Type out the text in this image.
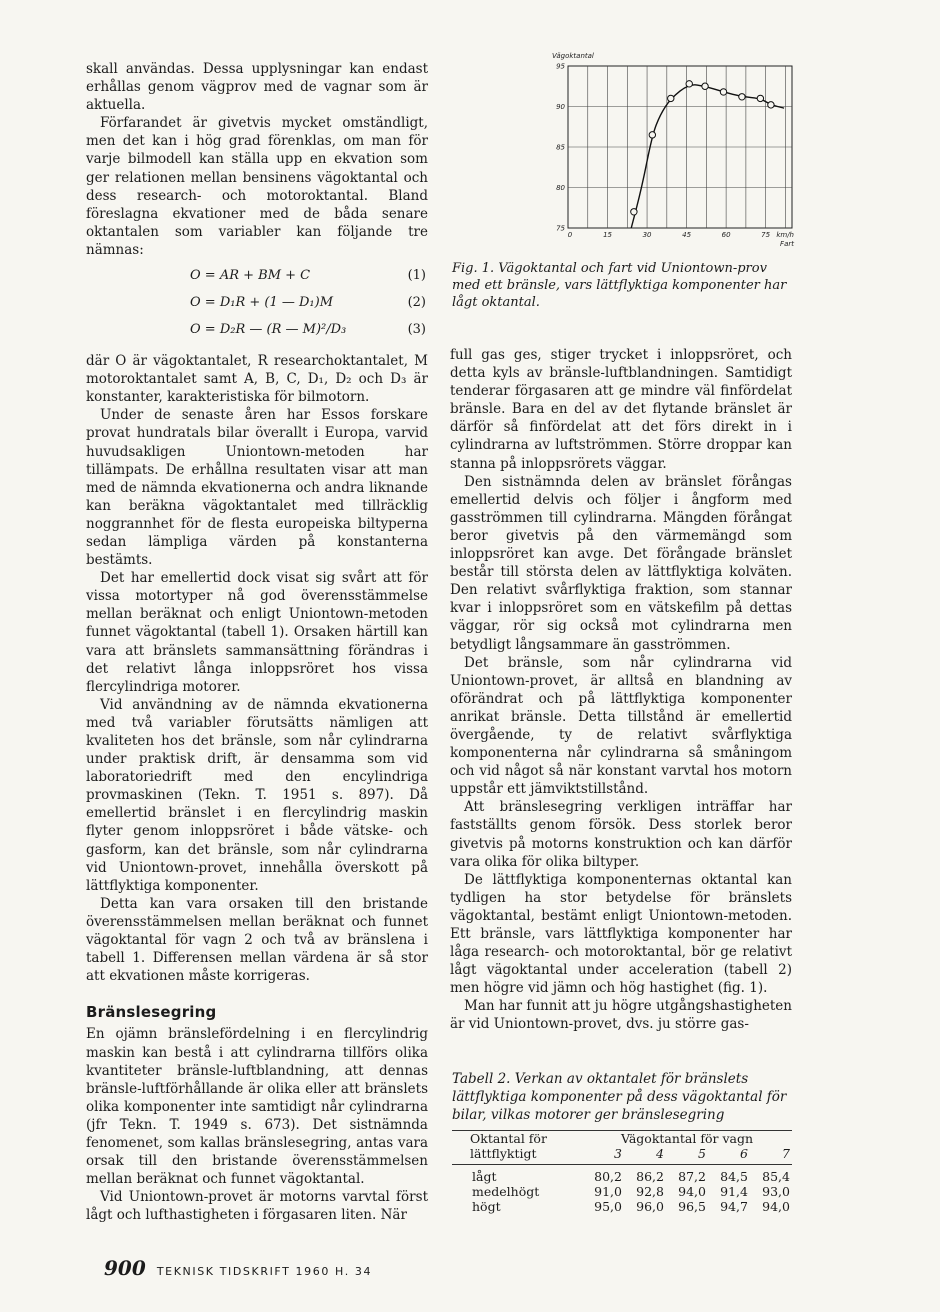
skall användas. Dessa upplysningar kan endast erhållas genom vägprov med de vagnar som är aktuella.

Förfarandet är givetvis mycket omständligt, men det kan i hög grad förenklas, om man för varje bilmodell kan ställa upp en ekvation som ger relationen mellan bensinens vägoktantal och dess research- och motoroktantal. Bland föreslagna ekvationer med de båda senare oktantalen som variabler kan följande tre nämnas:

O = AR + BM + C	(1)
O = D₁R + (1 — D₁)M	(2)
O = D₂R — (R — M)²/D₃	(3)

där O är vägoktantalet, R researchoktantalet, M motoroktantalet samt A, B, C, D₁, D₂ och D₃ är konstanter, karakteristiska för bilmotorn.

Under de senaste åren har Essos forskare provat hundratals bilar överallt i Europa, varvid huvudsakligen Uniontown-metoden har tillämpats. De erhållna resultaten visar att man med de nämnda ekvationerna och andra liknande kan beräkna vägoktantalet med tillräcklig noggrannhet för de flesta europeiska biltyperna sedan lämpliga värden på konstanterna bestämts.

Det har emellertid dock visat sig svårt att för vissa motortyper nå god överensstämmelse mellan beräknat och enligt Uniontown-metoden funnet vägoktantal (tabell 1). Orsaken härtill kan vara att bränslets sammansättning förändras i det relativt långa inloppsröret hos vissa flercylindriga motorer.

Vid användning av de nämnda ekvationerna med två variabler förutsätts nämligen att kvaliteten hos det bränsle, som når cylindrarna under praktisk drift, är densamma som vid laboratoriedrift med den encylindriga provmaskinen (Tekn. T. 1951 s. 897). Då emellertid bränslet i en flercylindrig maskin flyter genom inloppsröret i både vätske- och gasform, kan det bränsle, som når cylindrarna vid Uniontown-provet, innehålla överskott på lättflyktiga komponenter.

Detta kan vara orsaken till den bristande överensstämmelsen mellan beräknat och funnet vägoktantal för vagn 2 och två av bränslena i tabell 1. Differensen mellan värdena är så stor att ekvationen måste korrigeras.

Bränslesegring

En ojämn bränslefördelning i en flercylindrig maskin kan bestå i att cylindrarna tillförs olika kvantiteter bränsle-luftblandning, att dennas bränsle-luftförhållande är olika eller att bränslets olika komponenter inte samtidigt når cylindrarna (jfr Tekn. T. 1949 s. 673). Det sistnämnda fenomenet, som kallas bränslesegring, antas vara orsak till den bristande överensstämmelsen mellan beräknat och funnet vägoktantal.

Vid Uniontown-provet är motorns varvtal först lågt och lufthastigheten i förgasaren liten. När

75
80
85
90
95
0	15	30	45	60	75 km/h
Fart
Vägoktantal
Fig. 1. Vägoktantal och fart vid Uniontown-prov med ett bränsle, vars lättflyktiga komponenter har lågt oktantal.

full gas ges, stiger trycket i inloppsröret, och detta kyls av bränsle-luftblandningen. Samtidigt tenderar förgasaren att ge mindre väl finfördelat bränsle. Bara en del av det flytande bränslet är därför så finfördelat att det förs direkt in i cylindrarna av luftströmmen. Större droppar kan stanna på inloppsrörets väggar.

Den sistnämnda delen av bränslet förångas emellertid delvis och följer i ångform med gasströmmen till cylindrarna. Mängden förångat beror givetvis på den värmemängd som inloppsröret kan avge. Det förångade bränslet består till största delen av lättflyktiga kolväten. Den relativt svårflyktiga fraktion, som stannar kvar i inloppsröret som en vätskefilm på dettas väggar, rör sig också mot cylindrarna men betydligt långsammare än gasströmmen.

Det bränsle, som når cylindrarna vid Uniontown-provet, är alltså en blandning av oförändrat och på lättflyktiga komponenter anrikat bränsle. Detta tillstånd är emellertid övergående, ty de relativt svårflyktiga komponenterna når cylindrarna så småningom och vid något så när konstant varvtal hos motorn uppstår ett jämviktstillstånd.

Att bränslesegring verkligen inträffar har fastställts genom försök. Dess storlek beror givetvis på motorns konstruktion och kan därför vara olika för olika biltyper.

De lättflyktiga komponenternas oktantal kan tydligen ha stor betydelse för bränslets vägoktantal, bestämt enligt Uniontown-metoden. Ett bränsle, vars lättflyktiga komponenter har låga research- och motoroktantal, bör ge relativt lågt vägoktantal under acceleration (tabell 2) men högre vid jämn och hög hastighet (fig. 1).

Man har funnit att ju högre utgångshastigheten är vid Uniontown-provet, dvs. ju större gas-

Tabell 2. Verkan av oktantalet för bränslets lättflyktiga komponenter på dess vägoktantal för bilar, vilkas motorer ger bränslesegring
Oktantal för	Vägoktantal för vagn				
lättflyktigt	3	4	5	6	7

lågt	80,2	86,2	87,2	84,5	85,4
medelhögt	91,0	92,8	94,0	91,4	93,0
högt	95,0	96,0	96,5	94,7	94,0
900 TEKNISK TIDSKRIFT 1960 H. 34
